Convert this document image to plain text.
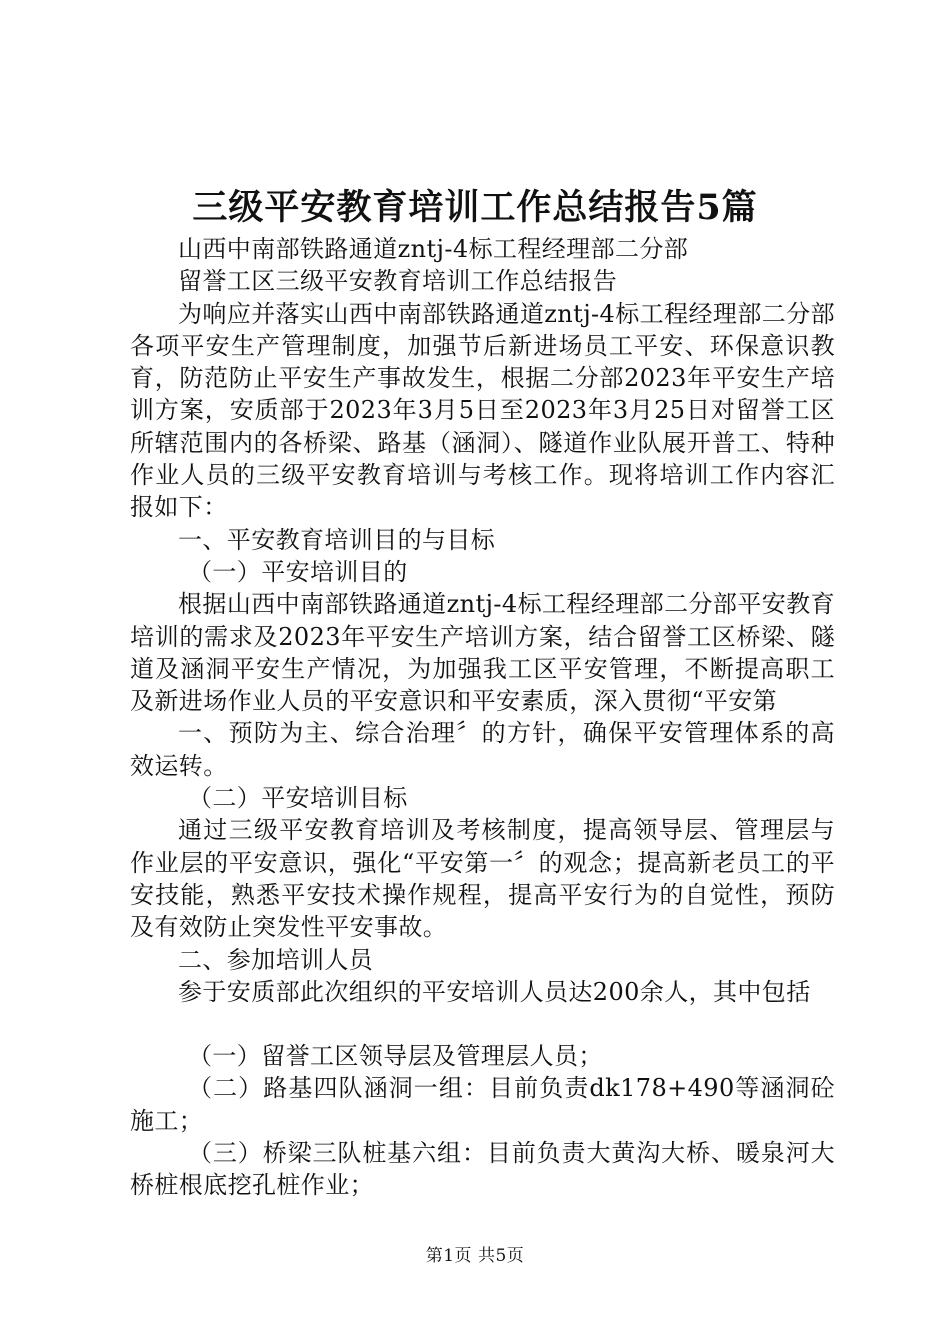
三级平安教育培训工作总结报告5篇

山西中南部铁路通道zntj-4标工程经理部二分部

留誉工区三级平安教育培训工作总结报告

为响应并落实山西中南部铁路通道zntj-4标工程经理部二分部各项平安生产管理制度，加强节后新进场员工平安、环保意识教育，防范防止平安生产事故发生，根据二分部2023年平安生产培训方案，安质部于2023年3月5日至2023年3月25日对留誉工区所辖范围内的各桥梁、路基（涵洞）、隧道作业队展开普工、特种作业人员的三级平安教育培训与考核工作。现将培训工作内容汇报如下：

一、平安教育培训目的与目标

（一）平安培训目的

根据山西中南部铁路通道zntj-4标工程经理部二分部平安教育培训的需求及2023年平安生产培训方案，结合留誉工区桥梁、隧道及涵洞平安生产情况，为加强我工区平安管理，不断提高职工及新进场作业人员的平安意识和平安素质，深入贯彻“平安第

一、预防为主、综合治理〞的方针，确保平安管理体系的高效运转。

（二）平安培训目标

通过三级平安教育培训及考核制度，提高领导层、管理层与作业层的平安意识，强化“平安第一〞的观念；提高新老员工的平安技能，熟悉平安技术操作规程，提高平安行为的自觉性，预防及有效防止突发性平安事故。

二、参加培训人员

参于安质部此次组织的平安培训人员达200余人，其中包括

（一）留誉工区领导层及管理层人员；

（二）路基四队涵洞一组：目前负责dk178+490等涵洞砼施工；

（三）桥梁三队桩基六组：目前负责大黄沟大桥、暖泉河大桥桩根底挖孔桩作业；

第1页 共5页
